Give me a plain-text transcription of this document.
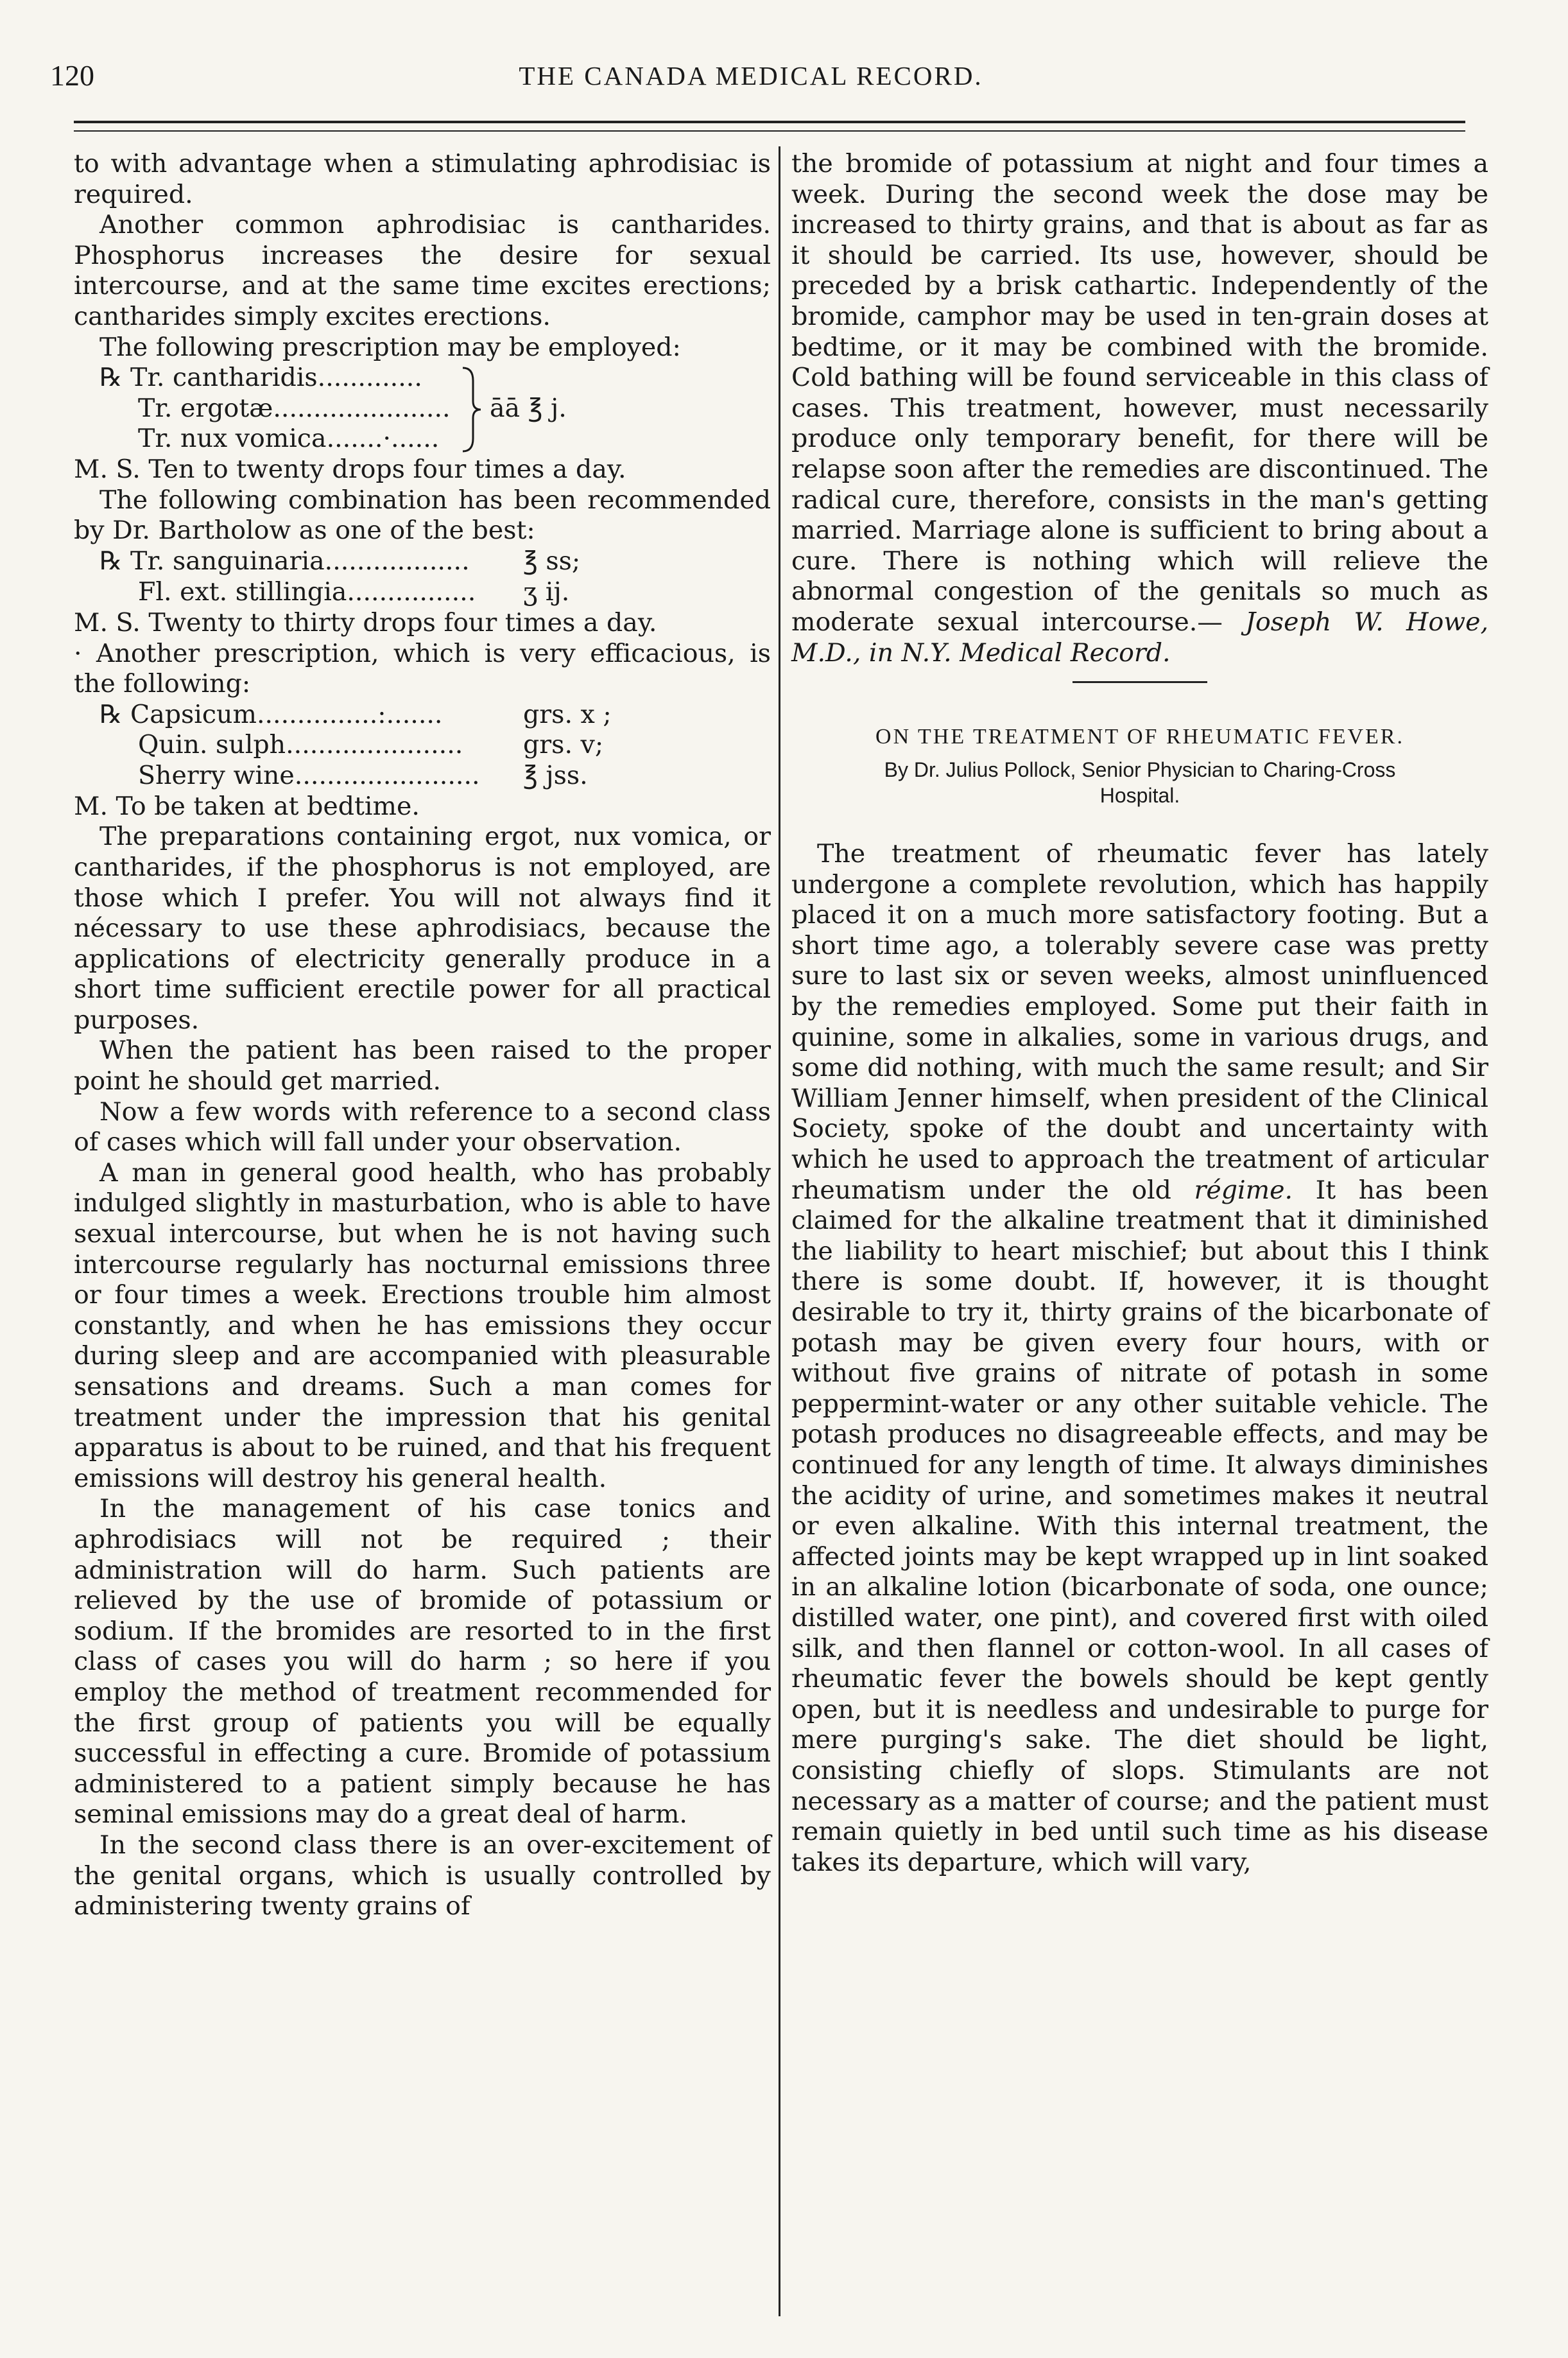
120	THE CANADA MEDICAL RECORD.

to with advantage when a stimulating aphrodisiac is required.

Another common aphrodisiac is cantharides. Phosphorus increases the desire for sexual intercourse, and at the same time excites erections; cantharides simply excites erections.

The following prescription may be employed:

℞ Tr. cantharidis.............
Tr. ergotæ...................... āā ℥ j.
Tr. nux vomica.......·......

M. S. Ten to twenty drops four times a day.

The following combination has been recommended by Dr. Bartholow as one of the best:

℞ Tr. sanguinaria.................. ℥ ss;
Fl. ext. stillingia................ ʒ ij.

M. S. Twenty to thirty drops four times a day.

· Another prescription, which is very efficacious, is the following:

℞ Capsicum...............:.......	grs. x ;
Quin. sulph...................... grs. v;
Sherry wine....................... ℥ jss.

M. To be taken at bedtime.

The preparations containing ergot, nux vomica, or cantharides, if the phosphorus is not employed, are those which I prefer. You will not always find it nécessary to use these aphrodisiacs, because the applications of electricity generally produce in a short time sufficient erectile power for all practical purposes.

When the patient has been raised to the proper point he should get married.

Now a few words with reference to a second class of cases which will fall under your observation.

A man in general good health, who has probably indulged slightly in masturbation, who is able to have sexual intercourse, but when he is not having such intercourse regularly has nocturnal emissions three or four times a week. Erections trouble him almost constantly, and when he has emissions they occur during sleep and are accompanied with pleasurable sensations and dreams. Such a man comes for treatment under the impression that his genital apparatus is about to be ruined, and that his frequent emissions will destroy his general health.

In the management of his case tonics and aphrodisiacs will not be required ; their administration will do harm. Such patients are relieved by the use of bromide of potassium or sodium. If the bromides are resorted to in the first class of cases you will do harm ; so here if you employ the method of treatment recommended for the first group of patients you will be equally successful in effecting a cure. Bromide of potassium administered to a patient simply because he has seminal emissions may do a great deal of harm.

In the second class there is an over-excitement of the genital organs, which is usually controlled by administering twenty grains of

the bromide of potassium at night and four times a week. During the second week the dose may be increased to thirty grains, and that is about as far as it should be carried. Its use, however, should be preceded by a brisk cathartic. Independently of the bromide, camphor may be used in ten-grain doses at bedtime, or it may be combined with the bromide. Cold bathing will be found serviceable in this class of cases. This treatment, however, must necessarily produce only temporary benefit, for there will be relapse soon after the remedies are discontinued. The radical cure, therefore, consists in the man's getting married. Marriage alone is sufficient to bring about a cure. There is nothing which will relieve the abnormal congestion of the genitals so much as moderate sexual intercourse.— Joseph W. Howe, M.D., in N.Y. Medical Record.

ON THE TREATMENT OF RHEUMATIC FEVER.

By Dr. Julius Pollock, Senior Physician to Charing-Cross
Hospital.

The treatment of rheumatic fever has lately undergone a complete revolution, which has happily placed it on a much more satisfactory footing. But a short time ago, a tolerably severe case was pretty sure to last six or seven weeks, almost uninfluenced by the remedies employed. Some put their faith in quinine, some in alkalies, some in various drugs, and some did nothing, with much the same result; and Sir William Jenner himself, when president of the Clinical Society, spoke of the doubt and uncertainty with which he used to approach the treatment of articular rheumatism under the old régime. It has been claimed for the alkaline treatment that it diminished the liability to heart mischief; but about this I think there is some doubt. If, however, it is thought desirable to try it, thirty grains of the bicarbonate of potash may be given every four hours, with or without five grains of nitrate of potash in some peppermint-water or any other suitable vehicle. The potash produces no disagreeable effects, and may be continued for any length of time. It always diminishes the acidity of urine, and sometimes makes it neutral or even alkaline. With this internal treatment, the affected joints may be kept wrapped up in lint soaked in an alkaline lotion (bicarbonate of soda, one ounce; distilled water, one pint), and covered first with oiled silk, and then flannel or cotton-wool. In all cases of rheumatic fever the bowels should be kept gently open, but it is needless and undesirable to purge for mere purging's sake. The diet should be light, consisting chiefly of slops. Stimulants are not necessary as a matter of course; and the patient must remain quietly in bed until such time as his disease takes its departure, which will vary,
